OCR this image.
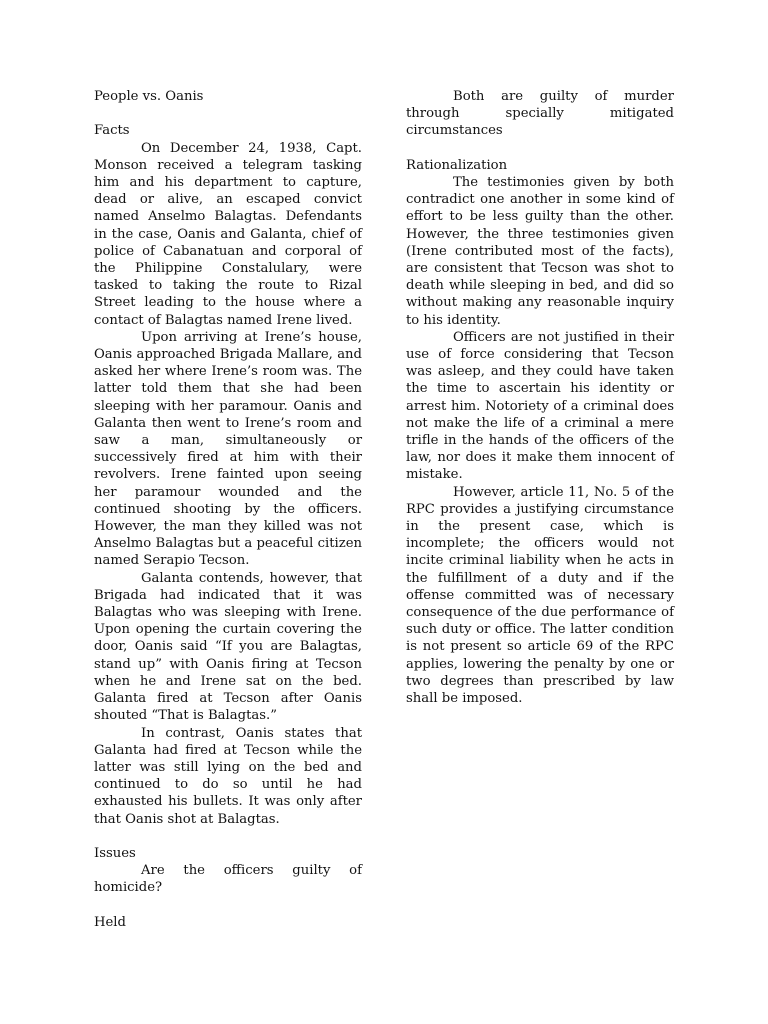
People vs. Oanis
Facts

On December 24, 1938, Capt. Monson received a telegram tasking him and his department to capture, dead or alive, an escaped convict named Anselmo Balagtas. Defendants in the case, Oanis and Galanta, chief of police of Cabanatuan and corporal of the Philippine Constalulary, were tasked to taking the route to Rizal Street leading to the house where a contact of Balagtas named Irene lived.

Upon arriving at Irene’s house, Oanis approached Brigada Mallare, and asked her where Irene’s room was. The latter told them that she had been sleeping with her paramour. Oanis and Galanta then went to Irene’s room and saw a man, simultaneously or successively fired at him with their revolvers. Irene fainted upon seeing her paramour wounded and the continued shooting by the officers. However, the man they killed was not Anselmo Balagtas but a peaceful citizen named Serapio Tecson.

Galanta contends, however, that Brigada had indicated that it was Balagtas who was sleeping with Irene. Upon opening the curtain covering the door, Oanis said “If you are Balagtas, stand up” with Oanis firing at Tecson when he and Irene sat on the bed. Galanta fired at Tecson after Oanis shouted “That is Balagtas.”

In contrast, Oanis states that Galanta had fired at Tecson while the latter was still lying on the bed and continued to do so until he had exhausted his bullets. It was only after that Oanis shot at Balagtas.

Issues

Are the officers guilty of homicide?

Held

Both are guilty of murder through specially mitigated circumstances

Rationalization

The testimonies given by both contradict one another in some kind of effort to be less guilty than the other. However, the three testimonies given (Irene contributed most of the facts), are consistent that Tecson was shot to death while sleeping in bed, and did so without making any reasonable inquiry to his identity.

Officers are not justified in their use of force considering that Tecson was asleep, and they could have taken the time to ascertain his identity or arrest him. Notoriety of a criminal does not make the life of a criminal a mere trifle in the hands of the officers of the law, nor does it make them innocent of mistake.

However, article 11, No. 5 of the RPC provides a justifying circumstance in the present case, which is incomplete; the officers would not incite criminal liability when he acts in the fulfillment of a duty and if the offense committed was of necessary consequence of the due performance of such duty or office. The latter condition is not present so article 69 of the RPC applies, lowering the penalty by one or two degrees than prescribed by law shall be imposed.
